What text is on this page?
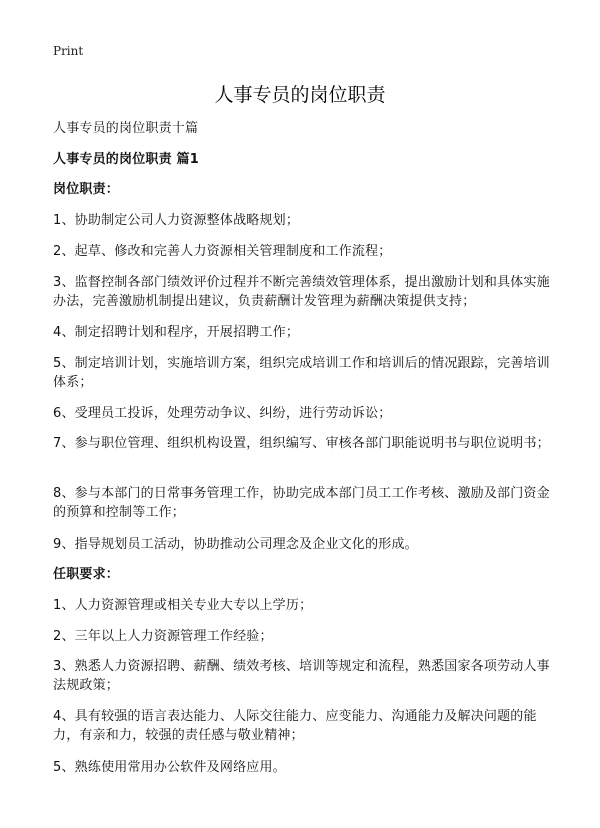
Print
人事专员的岗位职责
人事专员的岗位职责十篇
人事专员的岗位职责 篇1
岗位职责：
1、协助制定公司人力资源整体战略规划；
2、起草、修改和完善人力资源相关管理制度和工作流程；
3、监督控制各部门绩效评价过程并不断完善绩效管理体系，提出激励计划和具体实施办法，完善激励机制提出建议，负责薪酬计发管理为薪酬决策提供支持；
4、制定招聘计划和程序，开展招聘工作；
5、制定培训计划，实施培训方案，组织完成培训工作和培训后的情况跟踪，完善培训体系；
6、受理员工投诉，处理劳动争议、纠纷，进行劳动诉讼；
7、参与职位管理、组织机构设置，组织编写、审核各部门职能说明书与职位说明书；
8、参与本部门的日常事务管理工作，协助完成本部门员工工作考核、激励及部门资金的预算和控制等工作；
9、指导规划员工活动，协助推动公司理念及企业文化的形成。
任职要求：
1、人力资源管理或相关专业大专以上学历；
2、三年以上人力资源管理工作经验；
3、熟悉人力资源招聘、薪酬、绩效考核、培训等规定和流程，熟悉国家各项劳动人事法规政策；
4、具有较强的语言表达能力、人际交往能力、应变能力、沟通能力及解决问题的能力，有亲和力，较强的责任感与敬业精神；
5、熟练使用常用办公软件及网络应用。
